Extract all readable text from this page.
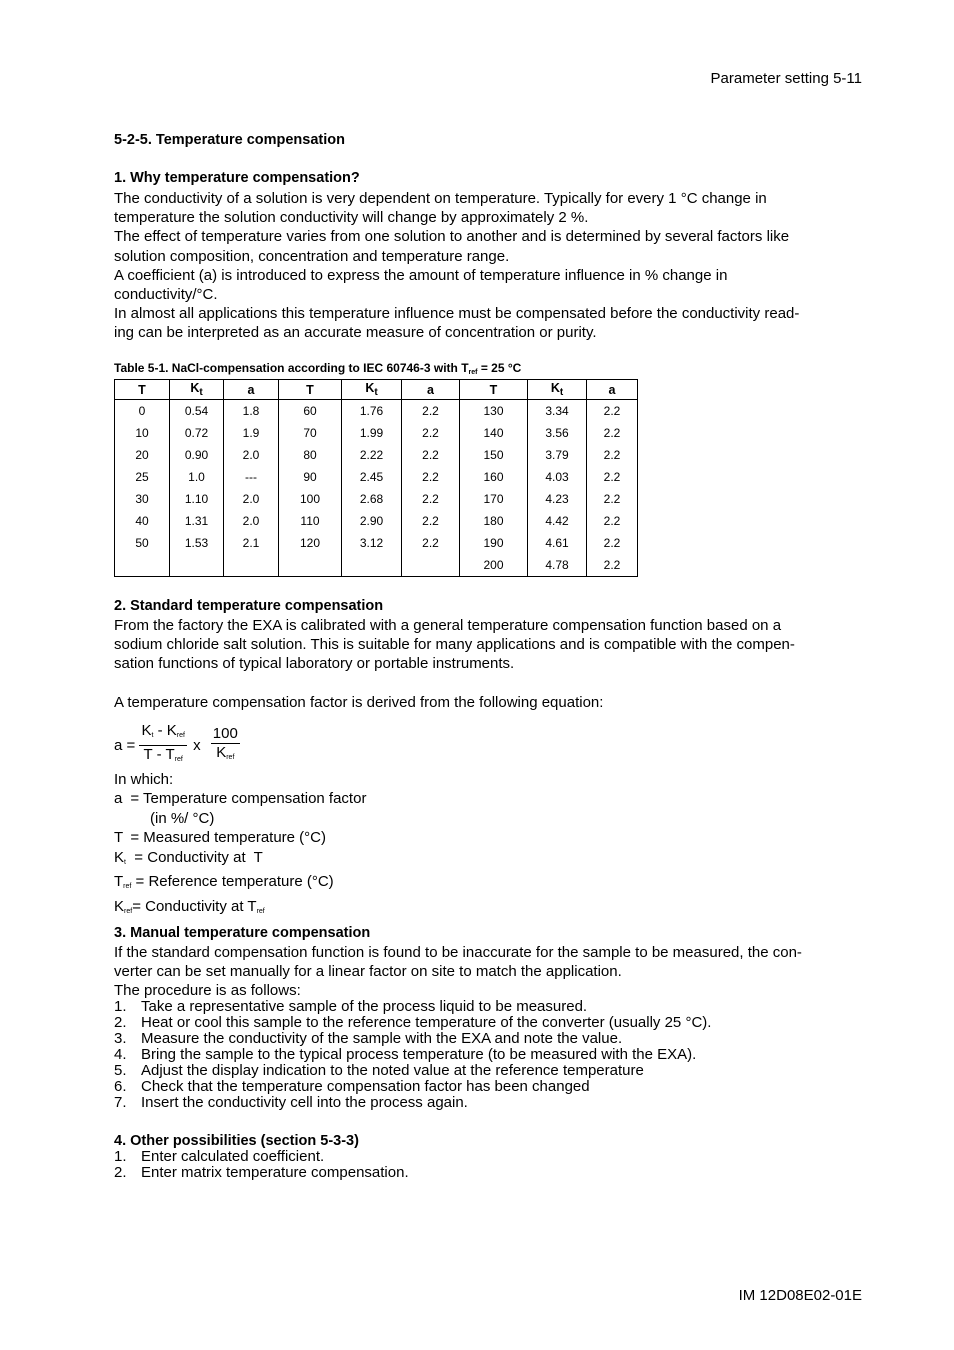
Parameter setting 5-11
5-2-5. Temperature compensation
1. Why temperature compensation?
The conductivity of a solution is very dependent on temperature. Typically for every 1 °C change in
temperature the solution conductivity will change by approximately 2 %.
The effect of temperature varies from one solution to another and is determined by several factors like
solution composition, concentration and temperature range.
A coefficient (a) is introduced to express the amount of temperature influence in % change in
conductivity/°C.
In almost all applications this temperature influence must be compensated before the conductivity read-
ing can be interpreted as an accurate measure of concentration or purity.
Table 5-1. NaCl-compensation according to IEC 60746-3 with $T_{ref} = 25$ °C
T	$K_t$	a	T	$K_t$	a	T	$K_t$	a
0	0.54	1.8	60	1.76	2.2	130	3.34	2.2
10	0.72	1.9	70	1.99	2.2	140	3.56	2.2
20	0.90	2.0	80	2.22	2.2	150	3.79	2.2
25	1.0	---	90	2.45	2.2	160	4.03	2.2
30	1.10	2.0	100	2.68	2.2	170	4.23	2.2
40	1.31	2.0	110	2.90	2.2	180	4.42	2.2
50	1.53	2.1	120	3.12	2.2	190	4.61	2.2
						200	4.78	2.2
2. Standard temperature compensation
From the factory the EXA is calibrated with a general temperature compensation function based on a
sodium chloride salt solution. This is suitable for many applications and is compatible with the compen-
sation functions of typical laboratory or portable instruments.
A temperature compensation factor is derived from the following equation:
$a = \frac{K_t - K_{ref}}{T - T_{ref}}$ x $\frac{100}{K_{ref}}$
In which:
a  = Temperature compensation factor
(in %/ °C)
T  = Measured temperature (°C)
$K_t$  = Conductivity at  T
$T_{ref}$ = Reference temperature (°C)
$K_{ref}=$ Conductivity at $T_{ref}$
3. Manual temperature compensation
If the standard compensation function is found to be inaccurate for the sample to be measured, the con-
verter can be set manually for a linear factor on site to match the application.
The procedure is as follows:
1. Take a representative sample of the process liquid to be measured.
2. Heat or cool this sample to the reference temperature of the converter (usually 25 °C).
3. Measure the conductivity of the sample with the EXA and note the value.
4. Bring the sample to the typical process temperature (to be measured with the EXA).
5. Adjust the display indication to the noted value at the reference temperature
6. Check that the temperature compensation factor has been changed
7. Insert the conductivity cell into the process again.
4. Other possibilities (section 5-3-3)
1. Enter calculated coefficient.
2. Enter matrix temperature compensation.
IM 12D08E02-01E
